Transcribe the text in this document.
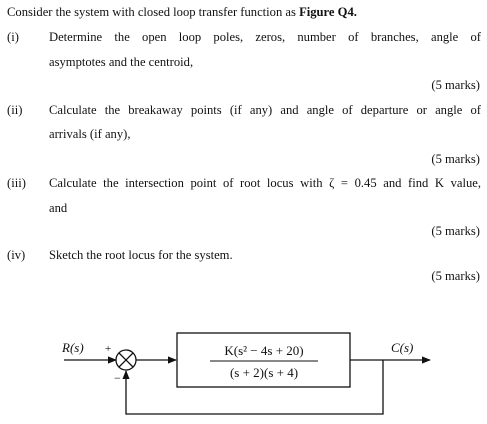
Consider the system with closed loop transfer function as Figure Q4.
(i) Determine the open loop poles, zeros, number of branches, angle of
asymptotes and the centroid,
(5 marks)
(ii) Calculate the breakaway points (if any) and angle of departure or angle of
arrivals (if any),
(5 marks)
(iii) Calculate the intersection point of root locus with ζ = 0.45 and find K value,
and
(5 marks)
(iv) Sketch the root locus for the system.
(5 marks)
R(s) +
−
C(s)
K(s² − 4s + 20)
(s + 2)(s + 4)
